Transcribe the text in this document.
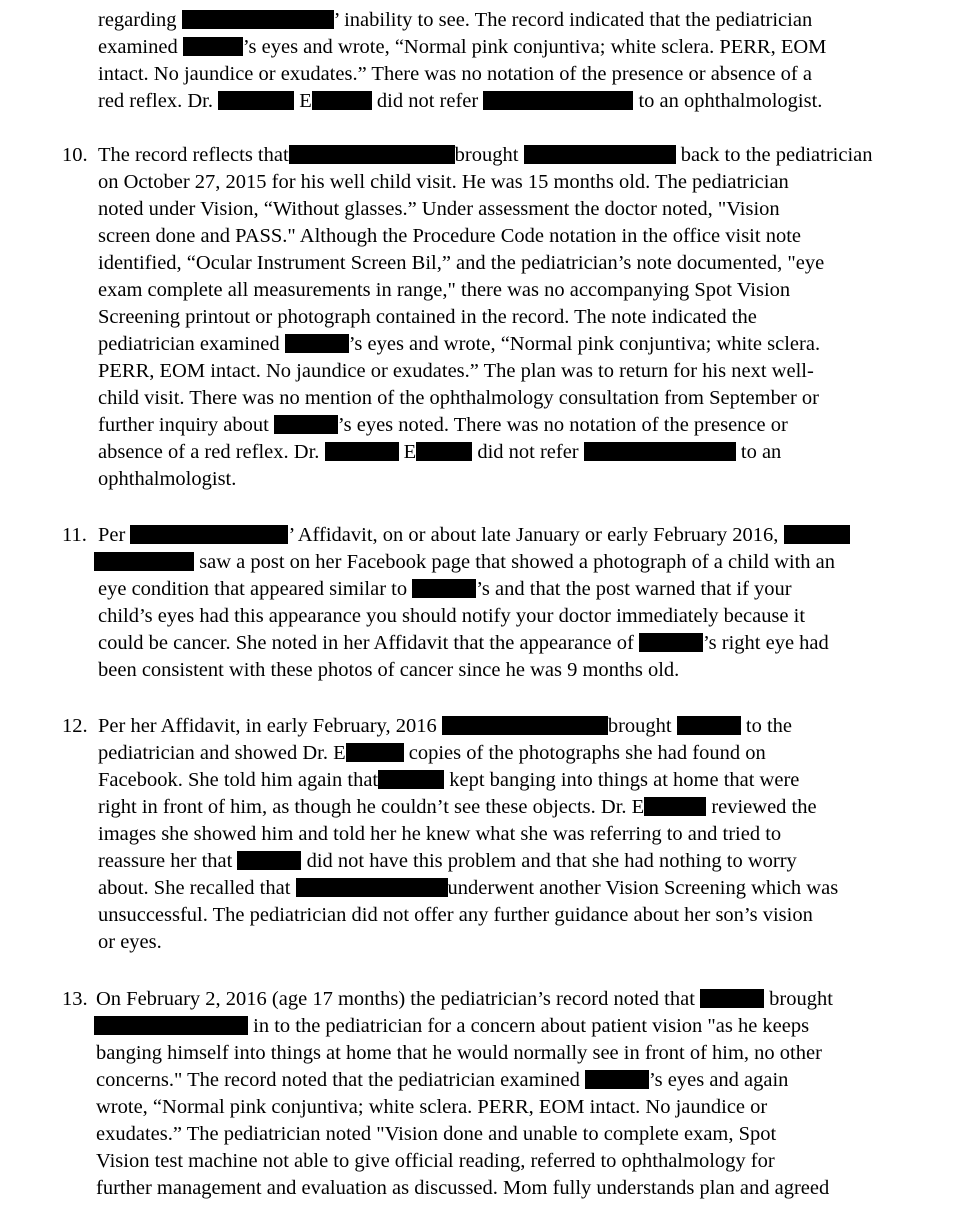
regarding	’ inability to see. The record indicated that the pediatrician
examined	’s eyes and wrote, “Normal pink conjuntiva; white sclera. PERR, EOM
intact. No jaundice or exudates.” There was no notation of the presence or absence of a
red reflex. Dr.	E	did not refer	to an ophthalmologist.
10. The record reflects that	brought	back to the pediatrician
on October 27, 2015 for his well child visit. He was 15 months old. The pediatrician
noted under Vision, “Without glasses.” Under assessment the doctor noted, "Vision
screen done and PASS." Although the Procedure Code notation in the office visit note
identified, “Ocular Instrument Screen Bil,” and the pediatrician’s note documented, "eye
exam complete all measurements in range," there was no accompanying Spot Vision
Screening printout or photograph contained in the record. The note indicated the
pediatrician examined	’s eyes and wrote, “Normal pink conjuntiva; white sclera.
PERR, EOM intact. No jaundice or exudates.” The plan was to return for his next well-
child visit. There was no mention of the ophthalmology consultation from September or
further inquiry about	’s eyes noted. There was no notation of the presence or
absence of a red reflex. Dr.	E	did not refer	to an
ophthalmologist.
11. Per	’ Affidavit, on or about late January or early February 2016,
saw a post on her Facebook page that showed a photograph of a child with an
eye condition that appeared similar to	’s and that the post warned that if your
child’s eyes had this appearance you should notify your doctor immediately because it
could be cancer. She noted in her Affidavit that the appearance of	’s right eye had
been consistent with these photos of cancer since he was 9 months old.
12. Per her Affidavit, in early February, 2016	brought	to the
pediatrician and showed Dr. E	copies of the photographs she had found on
Facebook. She told him again that	kept banging into things at home that were
right in front of him, as though he couldn’t see these objects. Dr. E	reviewed the
images she showed him and told her he knew what she was referring to and tried to
reassure her that	did not have this problem and that she had nothing to worry
about. She recalled that	underwent another Vision Screening which was
unsuccessful. The pediatrician did not offer any further guidance about her son’s vision
or eyes.
13. On February 2, 2016 (age 17 months) the pediatrician’s record noted that	brought
in to the pediatrician for a concern about patient vision "as he keeps
banging himself into things at home that he would normally see in front of him, no other
concerns." The record noted that the pediatrician examined	’s eyes and again
wrote, “Normal pink conjuntiva; white sclera. PERR, EOM intact. No jaundice or
exudates.” The pediatrician noted "Vision done and unable to complete exam, Spot
Vision test machine not able to give official reading, referred to ophthalmology for
further management and evaluation as discussed. Mom fully understands plan and agreed
